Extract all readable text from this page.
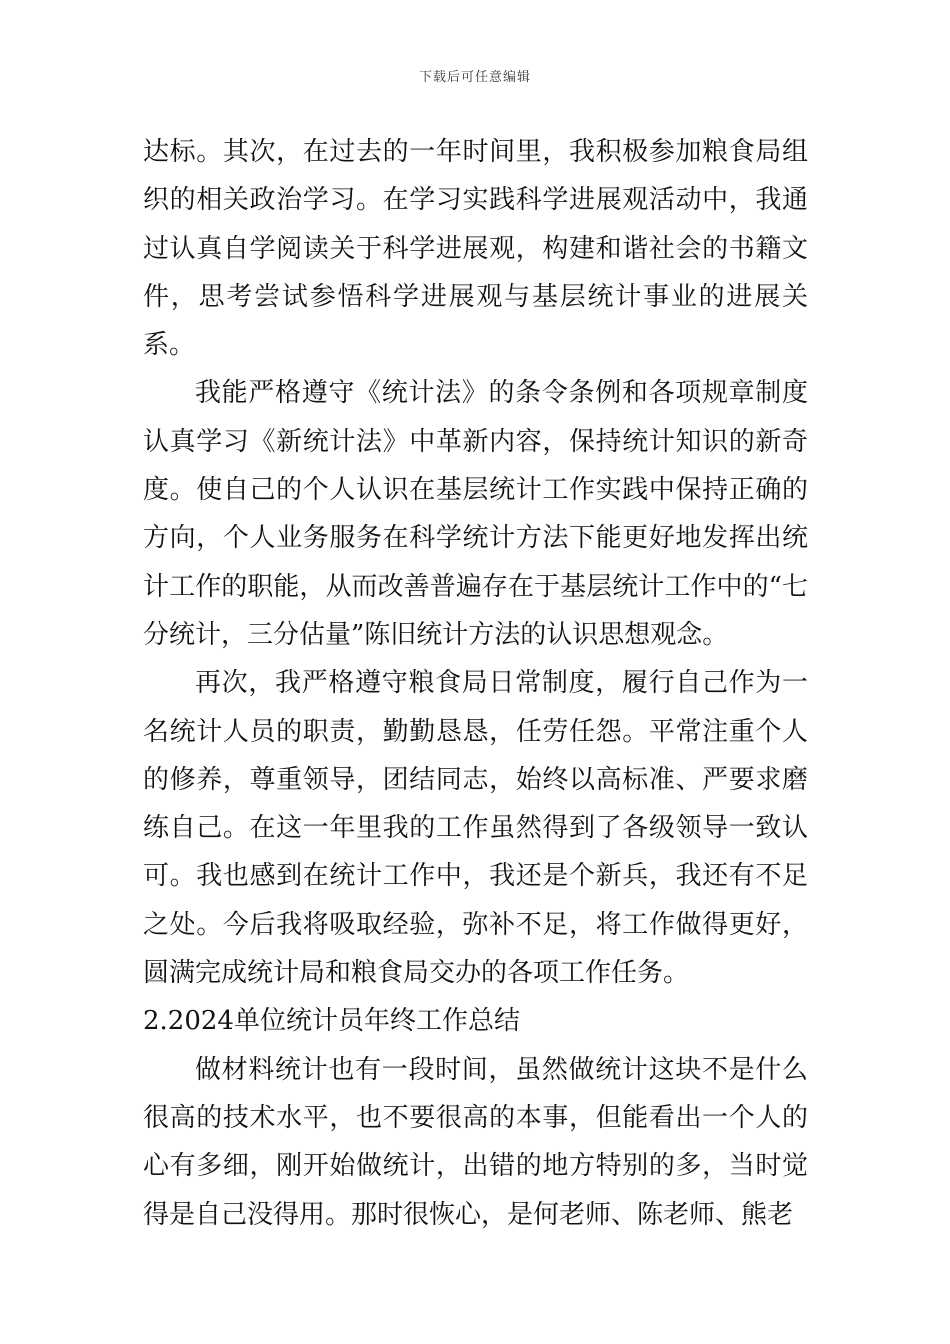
下载后可任意编辑

达标。其次，在过去的一年时间里，我积极参加粮食局组织的相关政治学习。在学习实践科学进展观活动中，我通过认真自学阅读关于科学进展观，构建和谐社会的书籍文件，思考尝试参悟科学进展观与基层统计事业的进展关系。

我能严格遵守《统计法》的条令条例和各项规章制度认真学习《新统计法》中革新内容，保持统计知识的新奇度。使自己的个人认识在基层统计工作实践中保持正确的方向，个人业务服务在科学统计方法下能更好地发挥出统计工作的职能，从而改善普遍存在于基层统计工作中的“七分统计，三分估量”陈旧统计方法的认识思想观念。

再次，我严格遵守粮食局日常制度，履行自己作为一名统计人员的职责，勤勤恳恳，任劳任怨。平常注重个人的修养，尊重领导，团结同志，始终以高标准、严要求磨练自己。在这一年里我的工作虽然得到了各级领导一致认可。我也感到在统计工作中，我还是个新兵，我还有不足之处。今后我将吸取经验，弥补不足，将工作做得更好，圆满完成统计局和粮食局交办的各项工作任务。

2.2024单位统计员年终工作总结

做材料统计也有一段时间，虽然做统计这块不是什么很高的技术水平，也不要很高的本事，但能看出一个人的心有多细，刚开始做统计，出错的地方特别的多，当时觉得是自己没得用。那时很恢心，是何老师、陈老师、熊老
